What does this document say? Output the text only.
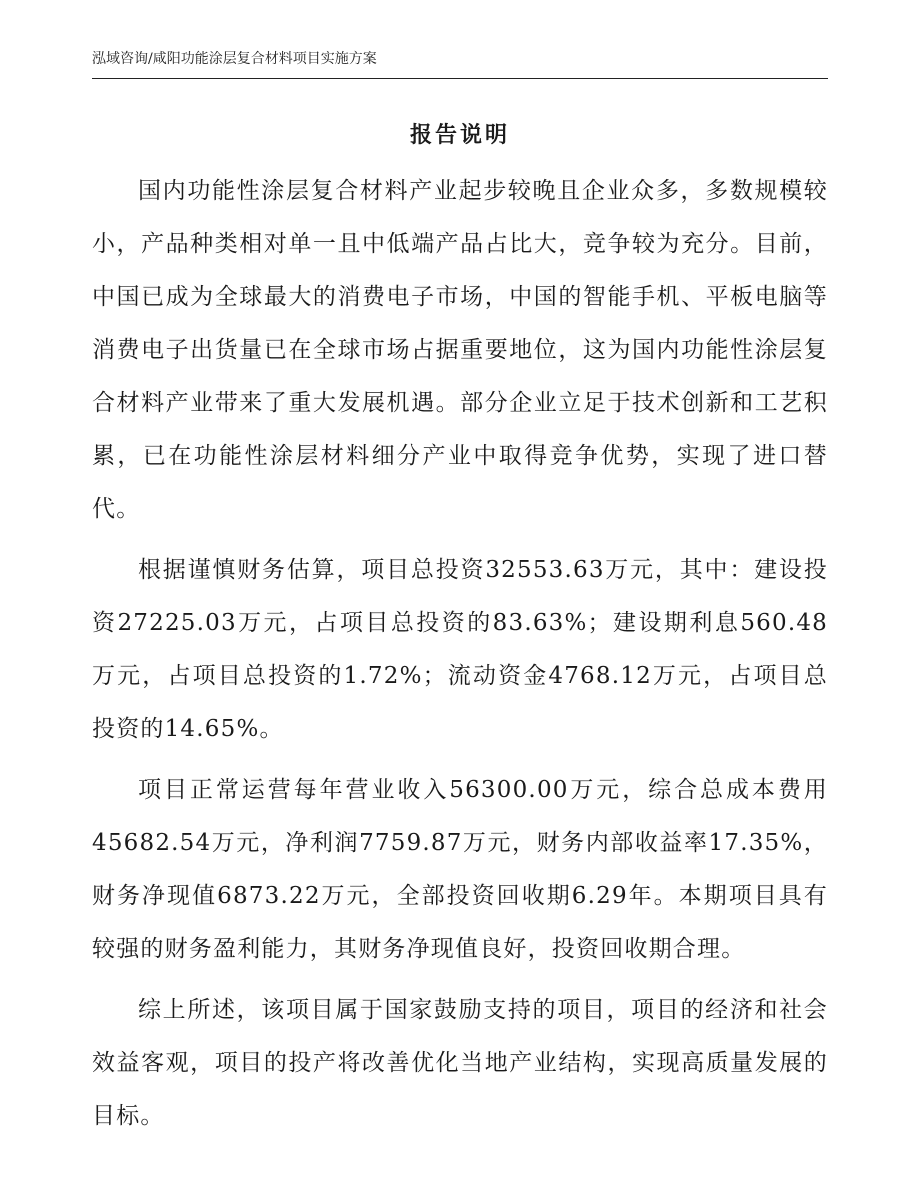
泓域咨询/咸阳功能涂层复合材料项目实施方案
报告说明

国内功能性涂层复合材料产业起步较晚且企业众多，多数规模较小，产品种类相对单一且中低端产品占比大，竞争较为充分。目前，中国已成为全球最大的消费电子市场，中国的智能手机、平板电脑等消费电子出货量已在全球市场占据重要地位，这为国内功能性涂层复合材料产业带来了重大发展机遇。部分企业立足于技术创新和工艺积累，已在功能性涂层材料细分产业中取得竞争优势，实现了进口替代。

根据谨慎财务估算，项目总投资32553.63万元，其中：建设投资27225.03万元，占项目总投资的83.63%；建设期利息560.48万元，占项目总投资的1.72%；流动资金4768.12万元，占项目总投资的14.65%。

项目正常运营每年营业收入56300.00万元，综合总成本费用45682.54万元，净利润7759.87万元，财务内部收益率17.35%，财务净现值6873.22万元，全部投资回收期6.29年。本期项目具有较强的财务盈利能力，其财务净现值良好，投资回收期合理。

综上所述，该项目属于国家鼓励支持的项目，项目的经济和社会效益客观，项目的投产将改善优化当地产业结构，实现高质量发展的目标。
